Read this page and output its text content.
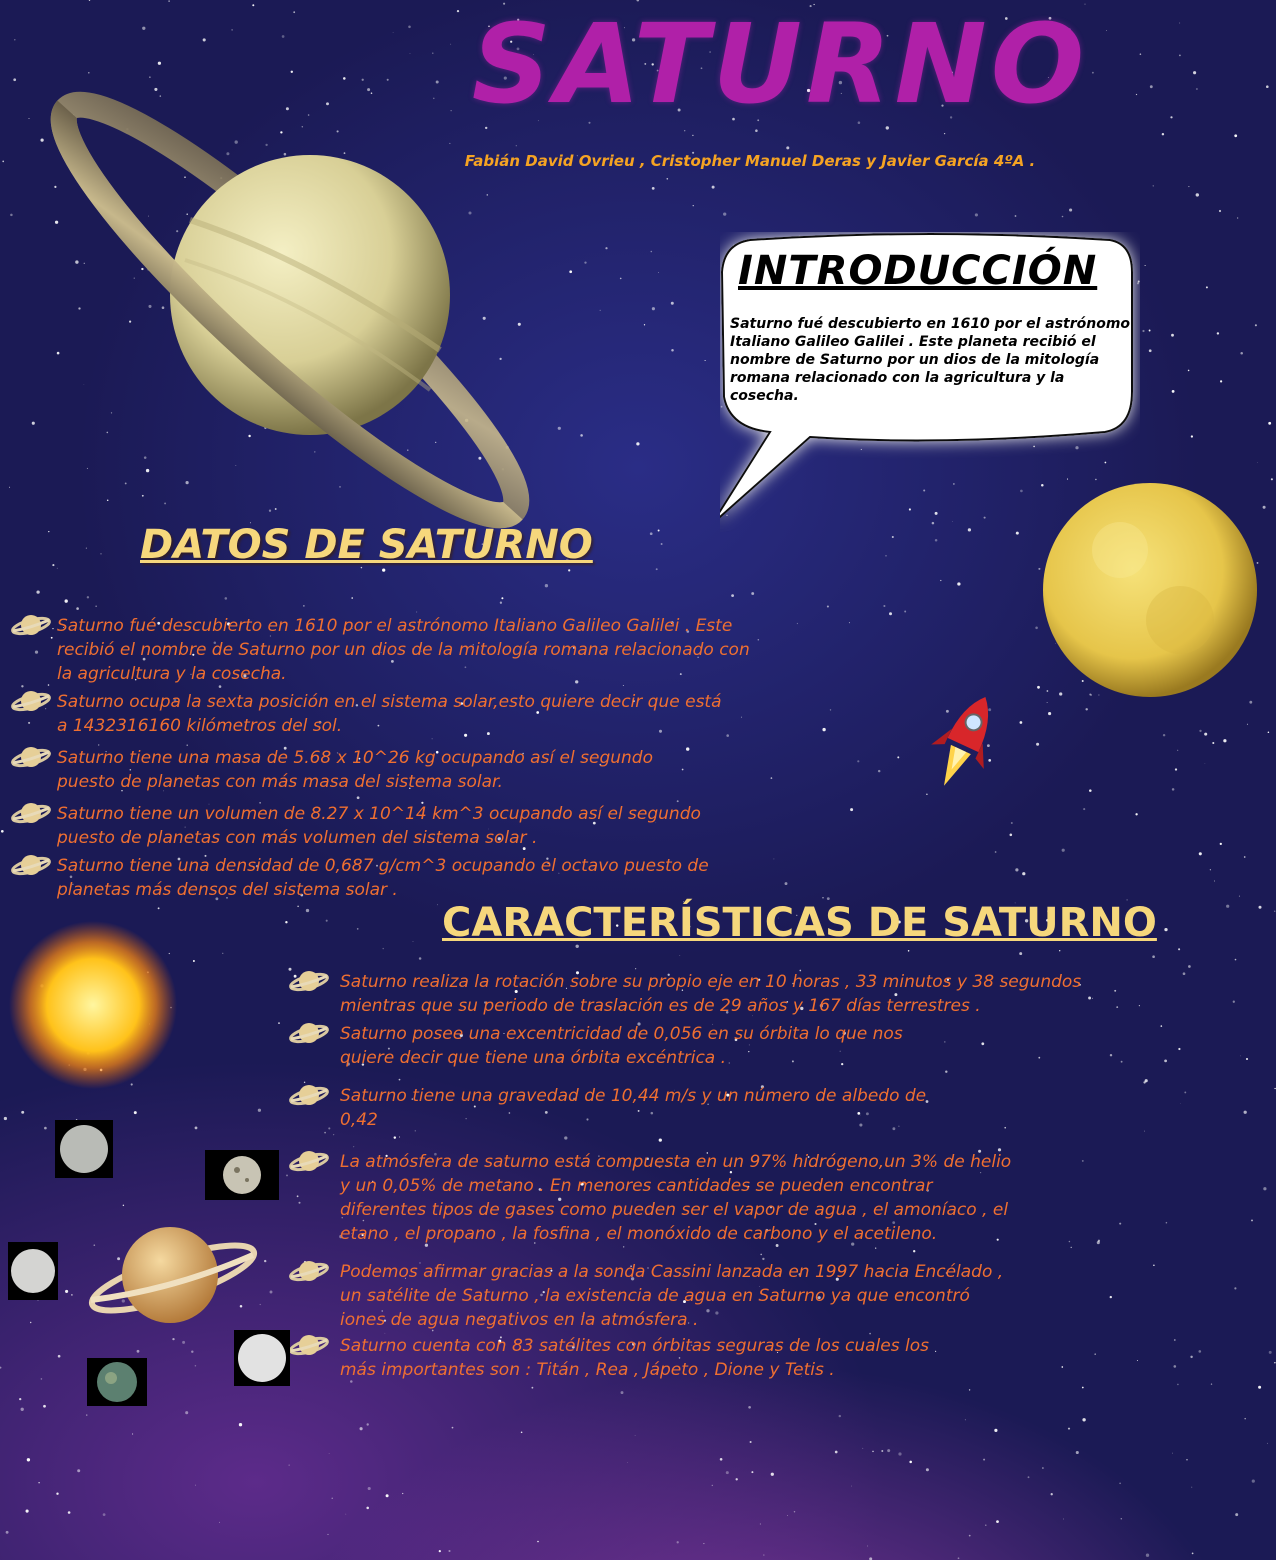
SATURNO
Fabián David Ovrieu , Cristopher Manuel Deras y Javier García 4ºA .
INTRODUCCIÓN
Saturno fué descubierto en 1610 por el astrónomo
Italiano Galileo Galilei . Este planeta recibió el
nombre de Saturno por un dios de la mitología
romana relacionado con la agricultura y la cosecha.
DATOS DE SATURNO
Saturno fué descubierto en 1610 por el astrónomo Italiano Galileo Galilei . Este
recibió el nombre de Saturno por un dios de la mitología romana relacionado con
la agricultura y la cosecha.
Saturno ocupa la sexta posición en el sistema solar,esto quiere decir que está
a 1432316160 kilómetros del sol.
Saturno tiene una masa de 5.68 x 10^26 kg ocupando así el segundo
puesto de planetas con más masa del sistema solar.
Saturno tiene un volumen de 8.27 x 10^14 km^3 ocupando así el segundo
puesto de planetas con más volumen del sistema solar .
Saturno tiene una densidad de 0,687 g/cm^3 ocupando el octavo puesto de
planetas más densos del sistema solar .
CARACTERÍSTICAS DE SATURNO
Saturno realiza la rotación sobre su propio eje en 10 horas , 33 minutos y 38 segundos
mientras que su periodo de traslación es de 29 años y 167 días terrestres .
Saturno posee una excentricidad de 0,056 en su órbita lo que nos
quiere decir que tiene una órbita excéntrica .
Saturno tiene una gravedad de 10,44 m/s y un número de albedo de
0,42
La atmósfera de saturno está compuesta en un 97% hidrógeno,un 3% de helio
y un 0,05% de metano . En menores cantidades se pueden encontrar
diferentes tipos de gases como pueden ser el vapor de agua , el amoníaco , el
etano , el propano , la fosfina , el monóxido de carbono y el acetileno.
Podemos afirmar gracias a la sonda Cassini lanzada en 1997 hacia Encélado ,
un satélite de Saturno , la existencia de agua en Saturno ya que encontró
iones de agua negativos en la atmósfera .
Saturno cuenta con 83 satélites con órbitas seguras de los cuales los
más importantes son : Titán , Rea , Jápeto , Dione y Tetis .
